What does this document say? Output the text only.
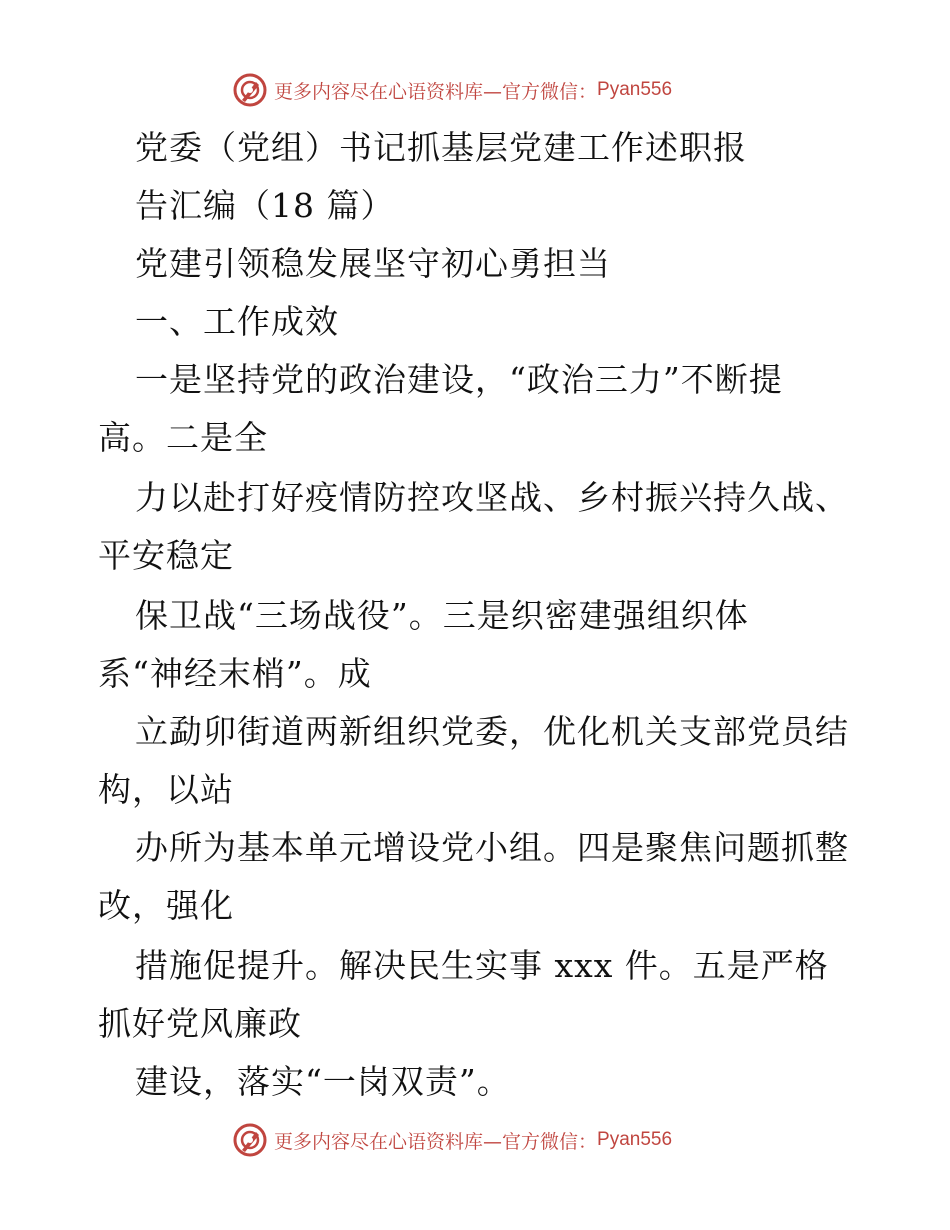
更多内容尽在心语资料库—官方微信： Pyan556
党委（党组）书记抓基层党建工作述职报
告汇编（18 篇）
党建引领稳发展坚守初心勇担当
一、工作成效
一是坚持党的政治建设，“政治三力”不断提
高。二是全
力以赴打好疫情防控攻坚战、乡村振兴持久战、
平安稳定
保卫战“三场战役”。三是织密建强组织体
系“神经末梢”。成
立勐卯街道两新组织党委，优化机关支部党员结
构，以站
办所为基本单元增设党小组。四是聚焦问题抓整
改，强化
措施促提升。解决民生实事 xxx 件。五是严格
抓好党风廉政
建设，落实“一岗双责”。
更多内容尽在心语资料库—官方微信： Pyan556
